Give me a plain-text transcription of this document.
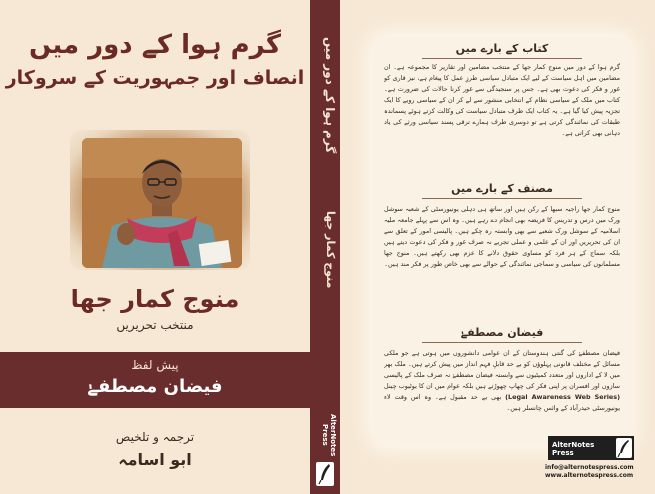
گرم ہوا کے دور میں
انصاف اور جمہوریت کے سروکار
منوج کمار جھا
منتخب تحریریں
پیش لفظ
فیضان مصطفےٰ
ترجمہ و تلخیص
ابو اسامہ
گرم ہوا کے دور میں
منوج کمار جھا
AlterNotes Press
کتاب کے بارے میں
گرم ہوا کے دور میں منوج کمار جھا کے منتخب مضامین اور تقاریر کا مجموعہ ہے۔ ان مضامین میں اہل سیاست کے لیے ایک متبادل سیاسی طرزِ عمل کا پیغام ہے، نیز قاری کو غور و فکر کی دعوت بھی ہے۔ جس پر سنجیدگی سے غور کرنا حالات کی ضرورت ہے۔ کتاب میں ملک کے سیاسی نظام کے انتخابی منشور سے لے کر ان کے سیاسی رویے کا ایک تجزیہ پیش کیا گیا ہے۔ یہ کتاب ایک طرف متبادل سیاست کی وکالت کرتے ہوئے پسماندہ طبقات کی نمائندگی کرتی ہے تو دوسری طرف ہمارے ترقی پسند سیاسی ورثے کی یاد دہانی بھی کراتی ہے۔
مصنف کے بارے میں
منوج کمار جھا راجیہ سبھا کے رکن ہیں اور ساتھ ہی دہلی یونیورسٹی کے شعبہ سوشل ورک میں درس و تدریس کا فریضہ بھی انجام دے رہے ہیں۔ وہ اس سے پہلے جامعہ ملیہ اسلامیہ کے سوشل ورک شعبے سے بھی وابستہ رہ چکے ہیں۔ پالیسی امور کے تعلق سے ان کی تحریریں اور ان کے علمی و عملی تجربے نہ صرف غور و فکر کی دعوت دیتے ہیں بلکہ سماج کے ہر فرد کو مساوی حقوق دلانے کا عزم بھی رکھتے ہیں۔ منوج جھا مسلمانوں کی سیاسی و سماجی نمائندگی کے حوالے سے بھی خاص طور پر فکر مند ہیں۔
فیضان مصطفےٰ
فیضان مصطفےٰ کی گنتی ہندوستان کے ان عوامی دانشوروں میں ہوتی ہے جو ملکی مسائل کے مختلف قانونی پہلوؤں کو بے حد قابلِ فہم انداز میں پیش کرتے ہیں۔ ملک بھر میں لا کے اداروں اور متعدد کمیٹیوں سے وابستہ فیضان مصطفےٰ نہ صرف ملک کے پالیسی سازوں اور افسران پر اپنی فکر کی چھاپ چھوڑتے ہیں بلکہ عوام میں ان کا یوٹیوب چینل (Legal Awareness Web Series) بھی بے حد مقبول ہے۔ وہ اس وقت لاء یونیورسٹی حیدرآباد کے وائس چانسلر ہیں۔
AlterNotes Press
info@alternotespress.com
www.alternotespress.com
